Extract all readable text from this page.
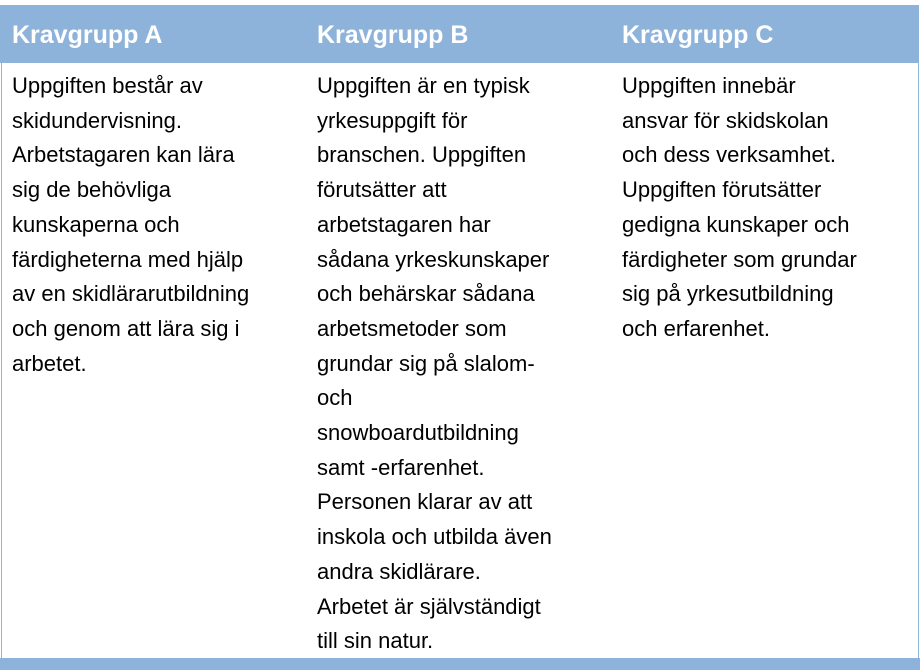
Kravgrupp A	Kravgrupp B	Kravgrupp C
Uppgiften består av
skidundervisning.
Arbetstagaren kan lära
sig de behövliga
kunskaperna och
färdigheterna med hjälp
av en skidlärarutbildning
och genom att lära sig i
arbetet.
Uppgiften är en typisk
yrkesuppgift för
branschen. Uppgiften
förutsätter att
arbetstagaren har
sådana yrkeskunskaper
och behärskar sådana
arbetsmetoder som
grundar sig på slalom-
och
snowboardutbildning
samt -erfarenhet.
Personen klarar av att
inskola och utbilda även
andra skidlärare.
Arbetet är självständigt
till sin natur.
Uppgiften innebär
ansvar för skidskolan
och dess verksamhet.
Uppgiften förutsätter
gedigna kunskaper och
färdigheter som grundar
sig på yrkesutbildning
och erfarenhet.
